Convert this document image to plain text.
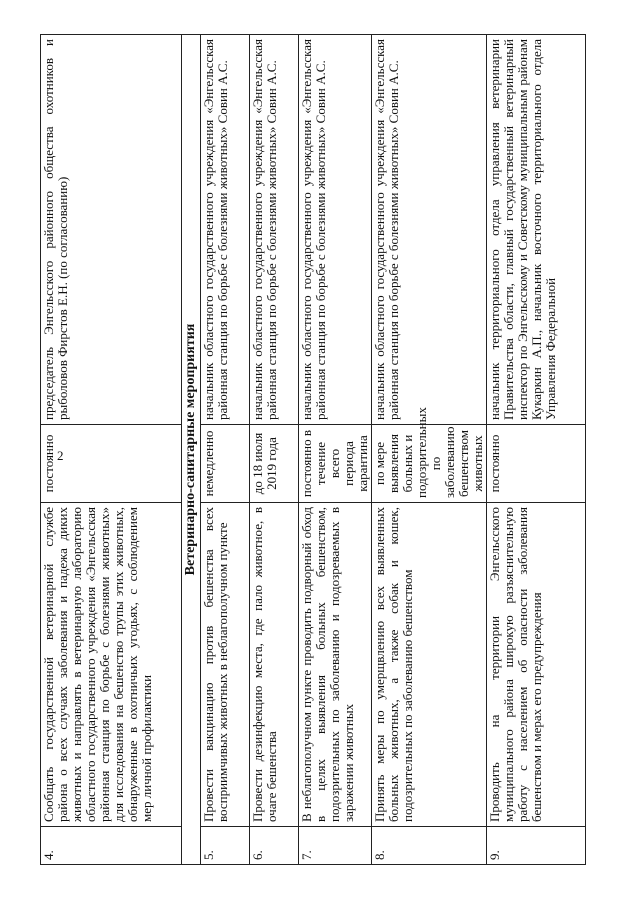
2
4.	Сообщать государственной ветеринарной службе района о всех случаях заболевания и падежа диких животных и направлять в ветеринарную лабораторию областного государственного учреждения «Энгельсская районная станция по борьбе с болезнями животных» для исследования на бешенство трупы этих животных, обнаруженные в охотничьих угодьях, с соблюдением мер личной профилактики	постоянно	председатель Энгельсского районного общества охотников и рыболовов Фирстов Е.Н. (по согласованию)
Ветеринарно-санитарные мероприятия			
5.	Провести вакцинацию против бешенства всех восприимчивых животных в неблагополучном пункте	немедленно	начальник областного государственного учреждения «Энгельсская районная станция по борьбе с болезнями животных» Совин А.С.
6.	Провести дезинфекцию места, где пало животное, в очаге бешенства	до 18 июля 2019 года	начальник областного государственного учреждения «Энгельсская районная станция по борьбе с болезнями животных» Совин А.С.
7.	В неблагополучном пункте проводить подворный обход в целях выявления больных бешенством, подозрительных по заболеванию и подозреваемых в заражении животных	постоянно в течение всего периода карантина	начальник областного государственного учреждения «Энгельсская районная станция по борьбе с болезнями животных» Совин А.С.
8.	Принять меры по умерщвлению всех выявленных больных животных, а также собак и кошек, подозрительных по заболеванию бешенством	по мере выявления больных и подозрительных по заболеванию бешенством животных	начальник областного государственного учреждения «Энгельсская районная станция по борьбе с болезнями животных» Совин А.С.
9.	Проводить на территории Энгельсского муниципального района широкую разъяснительную работу с населением об опасности заболевания бешенством и мерах его предупреждения	постоянно	начальник территориального отдела управления ветеринарии Правительства области, главный государственный ветеринарный инспектор по Энгельсскому и Советскому муниципальным районам Кукаркин А.П., начальник восточного территориального отдела Управления Федеральной
